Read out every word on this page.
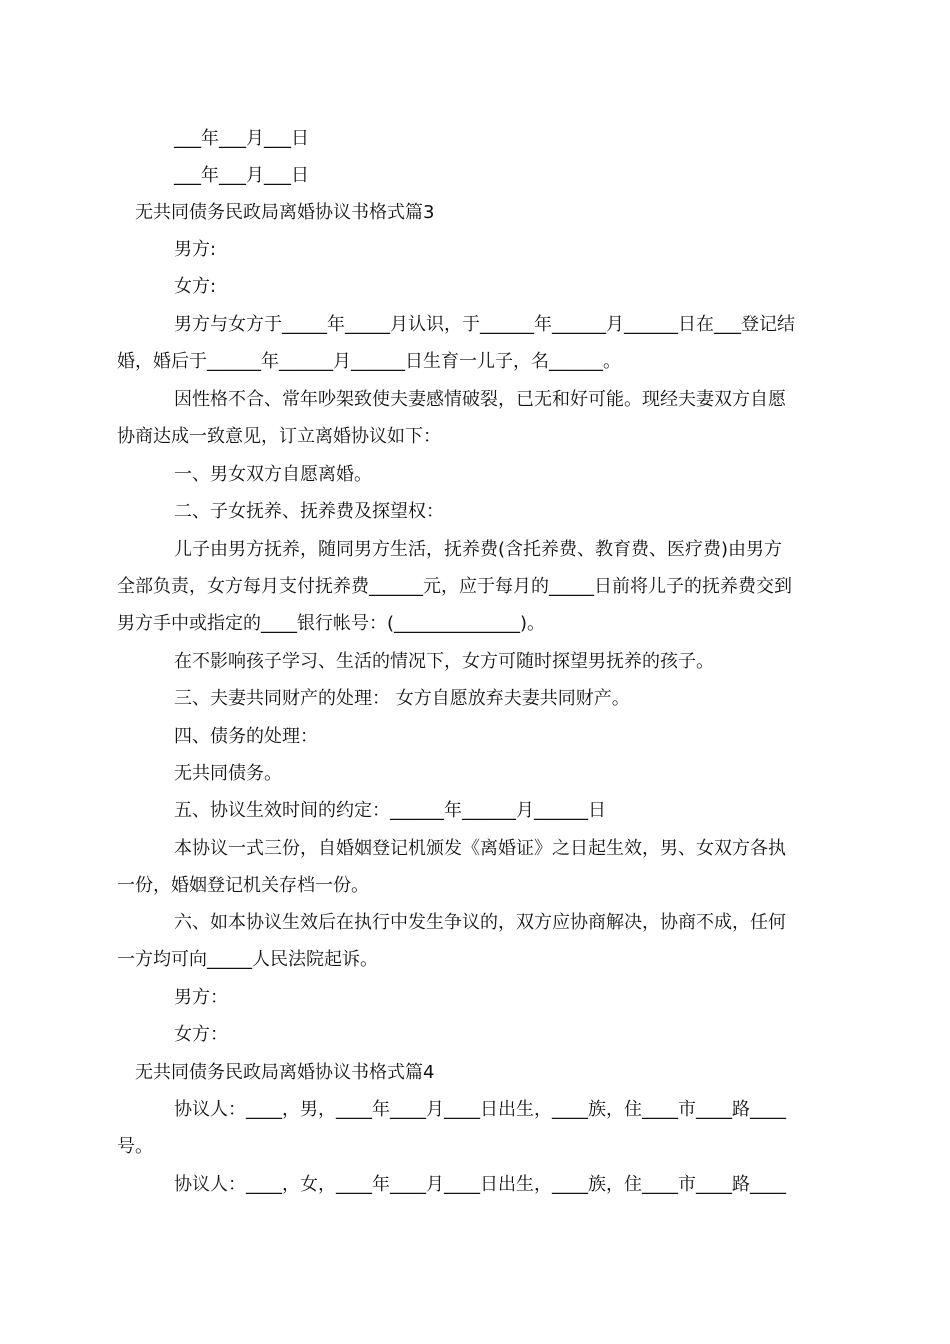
___年___月___日
___年___月___日
无共同债务民政局离婚协议书格式篇3
男方:
女方:
男方与女方于_____年_____月认识，于______年______月______日在___登记结
婚，婚后于______年______月______日生育一儿子，名______。
因性格不合、常年吵架致使夫妻感情破裂，已无和好可能。现经夫妻双方自愿
协商达成一致意见，订立离婚协议如下：
一、男女双方自愿离婚。
二、子女抚养、抚养费及探望权：
儿子由男方抚养，随同男方生活，抚养费(含托养费、教育费、医疗费)由男方
全部负责，女方每月支付抚养费______元，应于每月的_____日前将儿子的抚养费交到
男方手中或指定的____银行帐号：(______________)。
在不影响孩子学习、生活的情况下，女方可随时探望男抚养的孩子。
三、夫妻共同财产的处理： 女方自愿放弃夫妻共同财产。
四、债务的处理：
无共同债务。
五、协议生效时间的约定：______年______月______日
本协议一式三份，自婚姻登记机颁发《离婚证》之日起生效，男、女双方各执
一份，婚姻登记机关存档一份。
六、如本协议生效后在执行中发生争议的，双方应协商解决，协商不成，任何
一方均可向_____人民法院起诉。
男方：
女方：
无共同债务民政局离婚协议书格式篇4
协议人：____，男，____年____月____日出生，____族，住____市____路____
号。
协议人：____，女，____年____月____日出生，____族，住____市____路____
